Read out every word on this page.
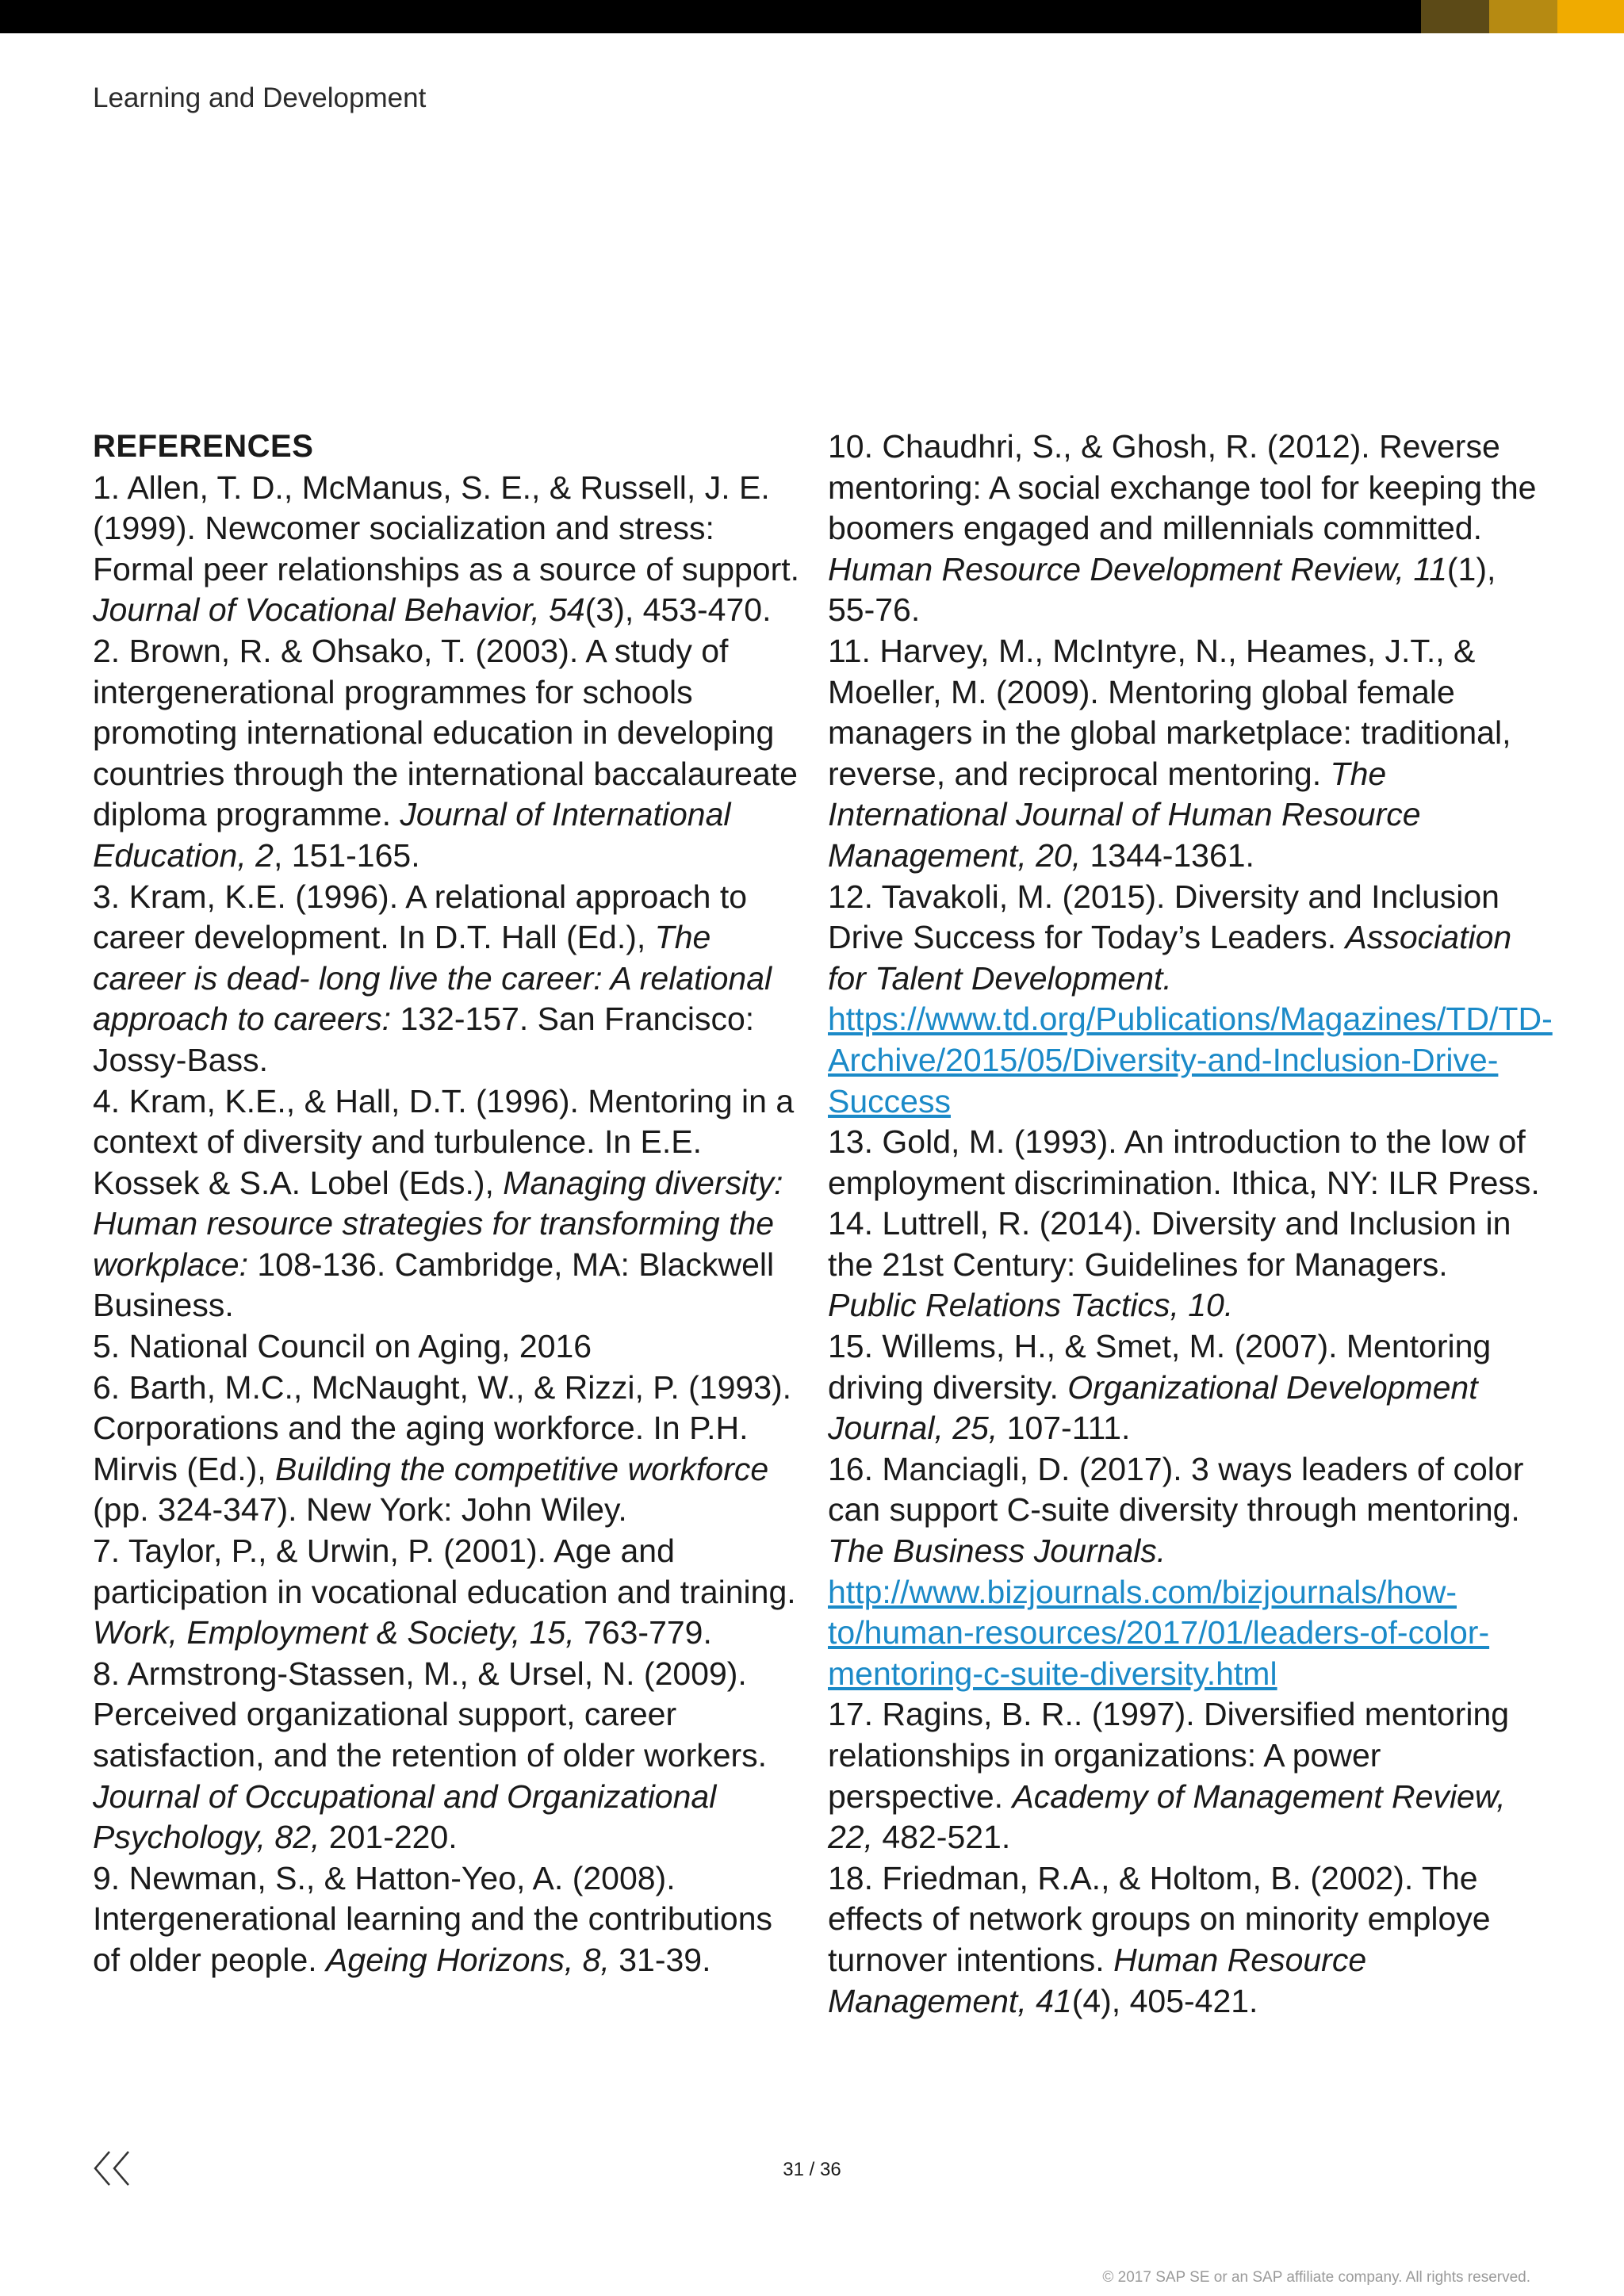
Learning and Development
REFERENCES

1. Allen, T. D., McManus, S. E., & Russell, J. E. (1999). Newcomer socialization and stress: Formal peer relationships as a source of support. Journal of Vocational Behavior, 54(3), 453-470.

2. Brown, R. & Ohsako, T. (2003). A study of intergenerational programmes for schools promoting international education in developing countries through the international baccalaureate diploma programme. Journal of International Education, 2, 151-165.

3. Kram, K.E. (1996). A relational approach to career development. In D.T. Hall (Ed.), The career is dead- long live the career: A relational approach to careers: 132-157. San Francisco: Jossy-Bass.

4. Kram, K.E., & Hall, D.T. (1996). Mentoring in a context of diversity and turbulence. In E.E. Kossek & S.A. Lobel (Eds.), Managing diversity: Human resource strategies for transforming the workplace: 108-136. Cambridge, MA: Blackwell Business.

5. National Council on Aging, 2016

6. Barth, M.C., McNaught, W., & Rizzi, P. (1993). Corporations and the aging workforce. In P.H. Mirvis (Ed.), Building the competitive workforce (pp. 324-347). New York: John Wiley.

7. Taylor, P., & Urwin, P. (2001). Age and participation in vocational education and training. Work, Employment & Society, 15, 763-779.

8. Armstrong-Stassen, M., & Ursel, N. (2009). Perceived organizational support, career satisfaction, and the retention of older workers. Journal of Occupational and Organizational Psychology, 82, 201-220.

9. Newman, S., & Hatton-Yeo, A. (2008). Intergenerational learning and the contributions of older people. Ageing Horizons, 8, 31-39.

10. Chaudhri, S., & Ghosh, R. (2012). Reverse mentoring: A social exchange tool for keeping the boomers engaged and millennials committed. Human Resource Development Review, 11(1), 55-76.

11. Harvey, M., McIntyre, N., Heames, J.T., & Moeller, M. (2009). Mentoring global female managers in the global marketplace: traditional, reverse, and reciprocal mentoring. The International Journal of Human Resource Management, 20, 1344-1361.

12. Tavakoli, M. (2015). Diversity and Inclusion Drive Success for Today’s Leaders. Association for Talent Development. https://www.td.org/Publications/Magazines/TD/TD-Archive/2015/05/Diversity-and-Inclusion-Drive-Success

13. Gold, M. (1993). An introduction to the low of employment discrimination. Ithica, NY: ILR Press.

14. Luttrell, R. (2014). Diversity and Inclusion in the 21st Century: Guidelines for Managers. Public Relations Tactics, 10.

15. Willems, H., & Smet, M. (2007). Mentoring driving diversity. Organizational Development Journal, 25, 107-111.

16. Manciagli, D. (2017). 3 ways leaders of color can support C-suite diversity through mentoring. The Business Journals. http://www.bizjournals.com/bizjournals/how-to/human-resources/2017/01/leaders-of-color-mentoring-c-suite-diversity.html

17. Ragins, B. R.. (1997). Diversified mentoring relationships in organizations: A power perspective. Academy of Management Review, 22, 482-521.

18. Friedman, R.A., & Holtom, B. (2002). The effects of network groups on minority employe turnover intentions. Human Resource Management, 41(4), 405-421.

31 / 36
© 2017 SAP SE or an SAP affiliate company. All rights reserved.
